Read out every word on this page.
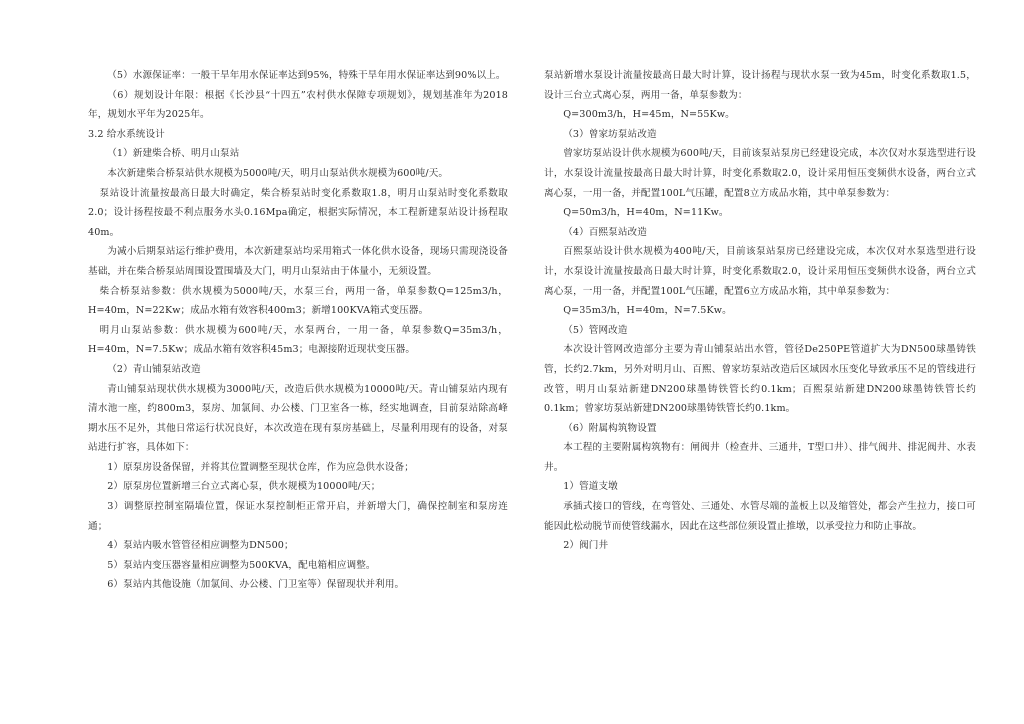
（5）水源保证率：一般干旱年用水保证率达到95%，特殊干旱年用水保证率达到90%以上。

（6）规划设计年限：根据《长沙县“十四五”农村供水保障专项规划》，规划基准年为2018年，规划水平年为2025年。

3.2 给水系统设计

（1）新建柴合桥、明月山泵站

本次新建柴合桥泵站供水规模为5000吨/天，明月山泵站供水规模为600吨/天。

泵站设计流量按最高日最大时确定，柴合桥泵站时变化系数取1.8，明月山泵站时变化系数取2.0；设计扬程按最不利点服务水头0.16Mpa确定，根据实际情况，本工程新建泵站设计扬程取40m。

为减小后期泵站运行维护费用，本次新建泵站均采用箱式一体化供水设备，现场只需现浇设备基础，并在柴合桥泵站周围设置围墙及大门，明月山泵站由于体量小，无须设置。

柴合桥泵站参数：供水规模为5000吨/天，水泵三台，两用一备，单泵参数Q=125m3/h，H=40m，N=22Kw；成品水箱有效容积400m3；新增100KVA箱式变压器。

明月山泵站参数：供水规模为600吨/天，水泵两台，一用一备，单泵参数Q=35m3/h，H=40m，N=7.5Kw；成品水箱有效容积45m3；电源接附近现状变压器。

（2）青山铺泵站改造

青山铺泵站现状供水规模为3000吨/天，改造后供水规模为10000吨/天。青山铺泵站内现有清水池一座，约800m3，泵房、加氯间、办公楼、门卫室各一栋，经实地调查，目前泵站除高峰期水压不足外，其他日常运行状况良好，本次改造在现有泵房基础上，尽量利用现有的设备，对泵站进行扩容，具体如下：

1）原泵房设备保留，并将其位置调整至现状仓库，作为应急供水设备；

2）原泵房位置新增三台立式离心泵，供水规模为10000吨/天；

3）调整原控制室隔墙位置，保证水泵控制柜正常开启，并新增大门，确保控制室和泵房连通；

4）泵站内吸水管管径相应调整为DN500；

5）泵站内变压器容量相应调整为500KVA，配电箱相应调整。

6）泵站内其他设施（加氯间、办公楼、门卫室等）保留现状并利用。

泵站新增水泵设计流量按最高日最大时计算，设计扬程与现状水泵一致为45m，时变化系数取1.5，设计三台立式离心泵，两用一备，单泵参数为：

Q=300m3/h，H=45m，N=55Kw。

（3）曾家坊泵站改造

曾家坊泵站设计供水规模为600吨/天，目前该泵站泵房已经建设完成，本次仅对水泵选型进行设计，水泵设计流量按最高日最大时计算，时变化系数取2.0，设计采用恒压变频供水设备，两台立式离心泵，一用一备，并配置100L气压罐，配置8立方成品水箱，其中单泵参数为：

Q=50m3/h，H=40m，N=11Kw。

（4）百熙泵站改造

百熙泵站设计供水规模为400吨/天，目前该泵站泵房已经建设完成，本次仅对水泵选型进行设计，水泵设计流量按最高日最大时计算，时变化系数取2.0，设计采用恒压变频供水设备，两台立式离心泵，一用一备，并配置100L气压罐，配置6立方成品水箱，其中单泵参数为：

Q=35m3/h，H=40m，N=7.5Kw。

（5）管网改造

本次设计管网改造部分主要为青山铺泵站出水管，管径De250PE管道扩大为DN500球墨铸铁管，长约2.7km，另外对明月山、百熙、曾家坊泵站改造后区域因水压变化导致承压不足的管线进行改管，明月山泵站新建DN200球墨铸铁管长约0.1km；百熙泵站新建DN200球墨铸铁管长约0.1km；曾家坊泵站新建DN200球墨铸铁管长约0.1km。

（6）附属构筑物设置

本工程的主要附属构筑物有：闸阀井（检查井、三通井，T型口井）、排气阀井、排泥阀井、水表井。

1）管道支墩

承插式接口的管线，在弯管处、三通处、水管尽端的盖板上以及缩管处，都会产生拉力，接口可能因此松动脱节而使管线漏水，因此在这些部位须设置止推墩，以承受拉力和防止事故。

2）阀门井
